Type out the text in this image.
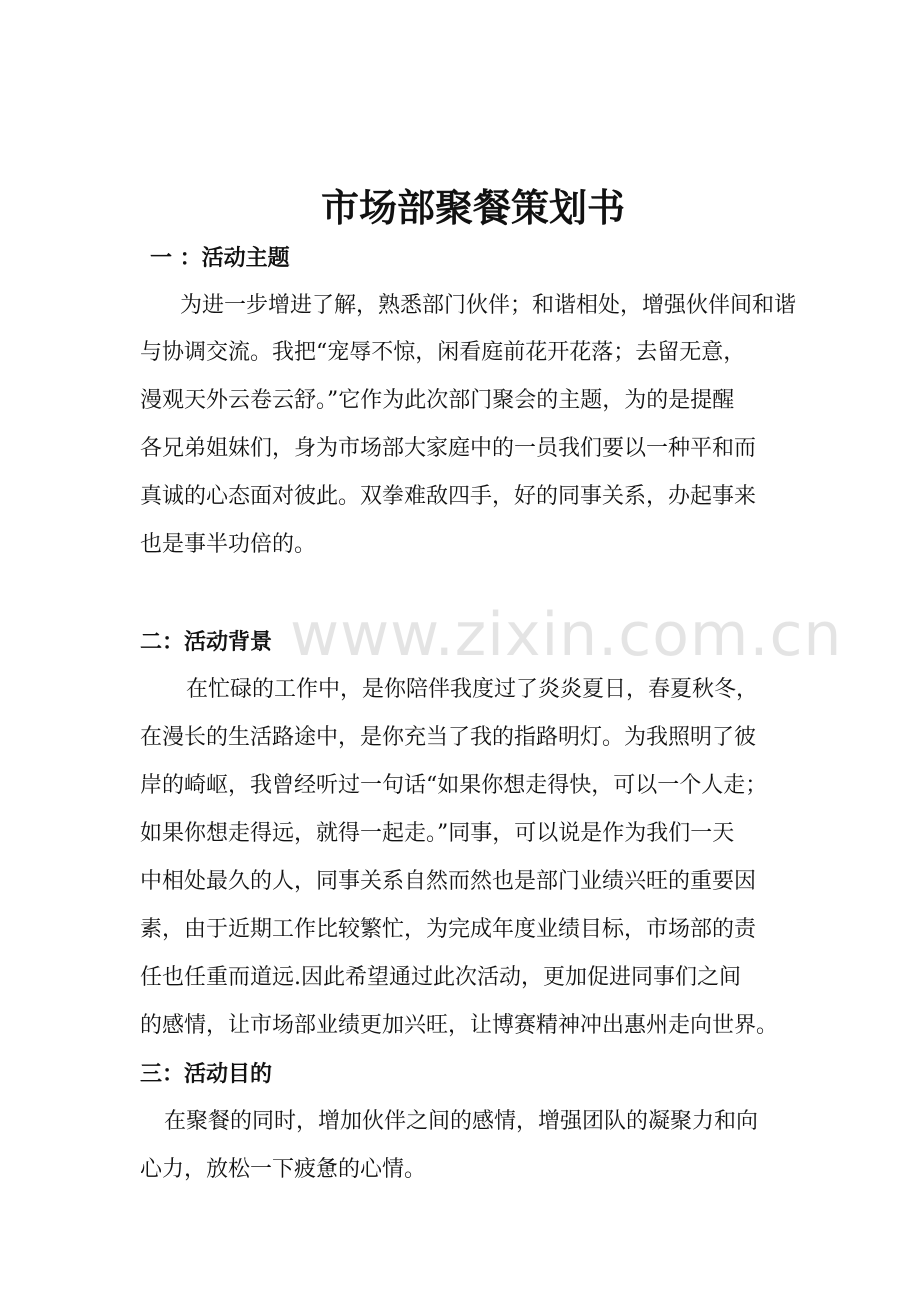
市场部聚餐策划书
一 ：活动主题

为进一步增进了解，熟悉部门伙伴；和谐相处，增强伙伴间和谐

与协调交流。我把“宠辱不惊，闲看庭前花开花落；去留无意，

漫观天外云卷云舒。”它作为此次部门聚会的主题，为的是提醒

各兄弟姐妹们，身为市场部大家庭中的一员我们要以一种平和而

真诚的心态面对彼此。双拳难敌四手，好的同事关系，办起事来

也是事半功倍的。

www.zixin.com.cn
二：活动背景

在忙碌的工作中，是你陪伴我度过了炎炎夏日，春夏秋冬，

在漫长的生活路途中，是你充当了我的指路明灯。为我照明了彼

岸的崎岖，我曾经听过一句话“如果你想走得快，可以一个人走；

如果你想走得远，就得一起走。”同事，可以说是作为我们一天

中相处最久的人，同事关系自然而然也是部门业绩兴旺的重要因

素，由于近期工作比较繁忙，为完成年度业绩目标，市场部的责

任也任重而道远.因此希望通过此次活动，更加促进同事们之间

的感情，让市场部业绩更加兴旺，让博赛精神冲出惠州走向世界。

三：活动目的

在聚餐的同时，增加伙伴之间的感情，增强团队的凝聚力和向

心力，放松一下疲惫的心情。
